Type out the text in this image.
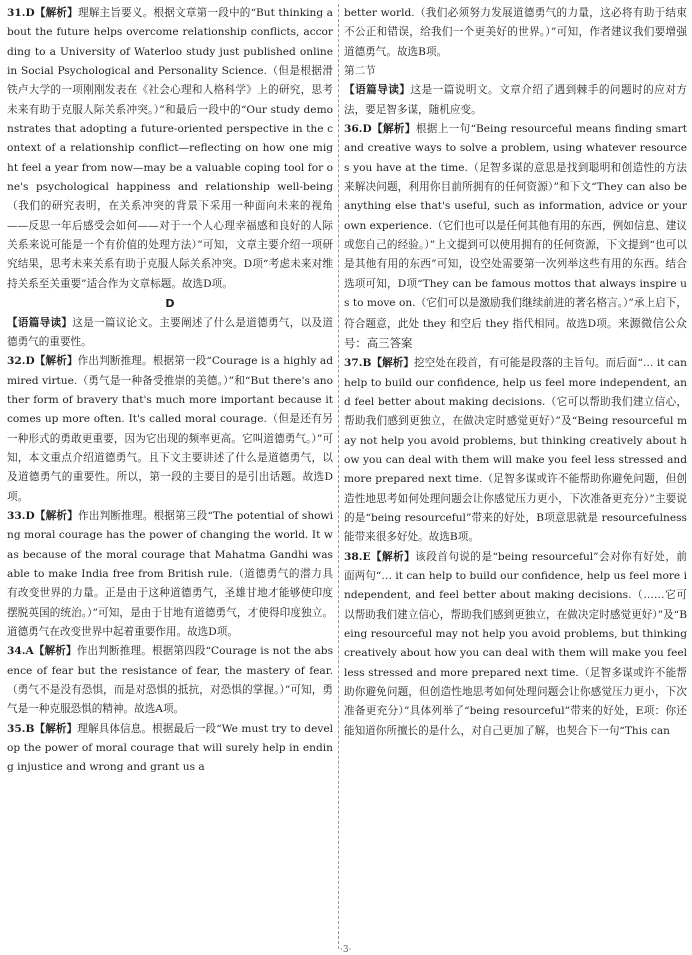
31.D【解析】理解主旨要义。根据文章第一段中的“But thinking about the future helps overcome relationship conflicts, according to a University of Waterloo study just published online in Social Psychological and Personality Science.（但是根据滑铁卢大学的一项刚刚发表在《社会心理和人格科学》上的研究，思考未来有助于克服人际关系冲突。）”和最后一段中的“Our study demonstrates that adopting a future-oriented perspective in the context of a relationship conflict—reflecting on how one might feel a year from now—may be a valuable coping tool for one's psychological happiness and relationship well-being（我们的研究表明，在关系冲突的背景下采用一种面向未来的视角——反思一年后感受会如何——对于一个人心理幸福感和良好的人际关系来说可能是一个有价值的处理方法）”可知，文章主要介绍一项研究结果，思考未来关系有助于克服人际关系冲突。D项“考虑未来对维持关系至关重要”适合作为文章标题。故选D项。

D

【语篇导读】这是一篇议论文。主要阐述了什么是道德勇气，以及道德勇气的重要性。

32.D【解析】作出判断推理。根据第一段“Courage is a highly admired virtue.（勇气是一种备受推崇的美德。）”和“But there's another form of bravery that's much more important because it comes up more often. It's called moral courage.（但是还有另一种形式的勇敢更重要，因为它出现的频率更高。它叫道德勇气。）”可知，本文重点介绍道德勇气。且下文主要讲述了什么是道德勇气，以及道德勇气的重要性。所以，第一段的主要目的是引出话题。故选D项。

33.D【解析】作出判断推理。根据第三段“The potential of showing moral courage has the power of changing the world. It was because of the moral courage that Mahatma Gandhi was able to make India free from British rule.（道德勇气的潜力具有改变世界的力量。正是由于这种道德勇气，圣雄甘地才能够使印度摆脱英国的统治。）”可知，是由于甘地有道德勇气，才使得印度独立。道德勇气在改变世界中起着重要作用。故选D项。

34.A【解析】作出判断推理。根据第四段“Courage is not the absence of fear but the resistance of fear, the mastery of fear.（勇气不是没有恐惧，而是对恐惧的抵抗，对恐惧的掌握。）”可知，勇气是一种克服恐惧的精神。故选A项。

35.B【解析】理解具体信息。根据最后一段“We must try to develop the power of moral courage that will surely help in ending injustice and wrong and grant us a

better world.（我们必须努力发展道德勇气的力量，这必将有助于结束不公正和错误，给我们一个更美好的世界。）”可知，作者建议我们要增强道德勇气。故选B项。

第二节

【语篇导读】这是一篇说明文。文章介绍了遇到棘手的问题时的应对方法，要足智多谋，随机应变。

36.D【解析】根据上一句“Being resourceful means finding smart and creative ways to solve a problem, using whatever resources you have at the time.（足智多谋的意思是找到聪明和创造性的方法来解决问题，利用你目前所拥有的任何资源）”和下文“They can also be anything else that's useful, such as information, advice or your own experience.（它们也可以是任何其他有用的东西，例如信息、建议或您自己的经验。）”上文提到可以使用拥有的任何资源，下文提到“也可以是其他有用的东西”可知，设空处需要第一次列举这些有用的东西。结合选项可知，D项“They can be famous mottos that always inspire us to move on.（它们可以是激励我们继续前进的著名格言。）”承上启下，符合题意，此处 they 和空后 they 指代相同。故选D项。来源微信公众号：高三答案

37.B【解析】挖空处在段首，有可能是段落的主旨句。而后面“… it can help to build our confidence, help us feel more independent, and feel better about making decisions.（它可以帮助我们建立信心，帮助我们感到更独立，在做决定时感觉更好）”及“Being resourceful may not help you avoid problems, but thinking creatively about how you can deal with them will make you feel less stressed and more prepared next time.（足智多谋或许不能帮助你避免问题，但创造性地思考如何处理问题会让你感觉压力更小，下次准备更充分）”主要说的是“being resourceful”带来的好处，B项意思就是 resourcefulness 能带来很多好处。故选B项。

38.E【解析】该段首句说的是“being resourceful”会对你有好处，前面两句“… it can help to build our confidence, help us feel more independent, and feel better about making decisions.（……它可以帮助我们建立信心，帮助我们感到更独立，在做决定时感觉更好）”及“Being resourceful may not help you avoid problems, but thinking creatively about how you can deal with them will make you feel less stressed and more prepared next time.（足智多谋或许不能帮助你避免问题，但创造性地思考如何处理问题会让你感觉压力更小，下次准备更充分）”具体列举了“being resourceful”带来的好处，E项：你还能知道你所擅长的是什么，对自己更加了解，也契合下一句“This can

·3·
